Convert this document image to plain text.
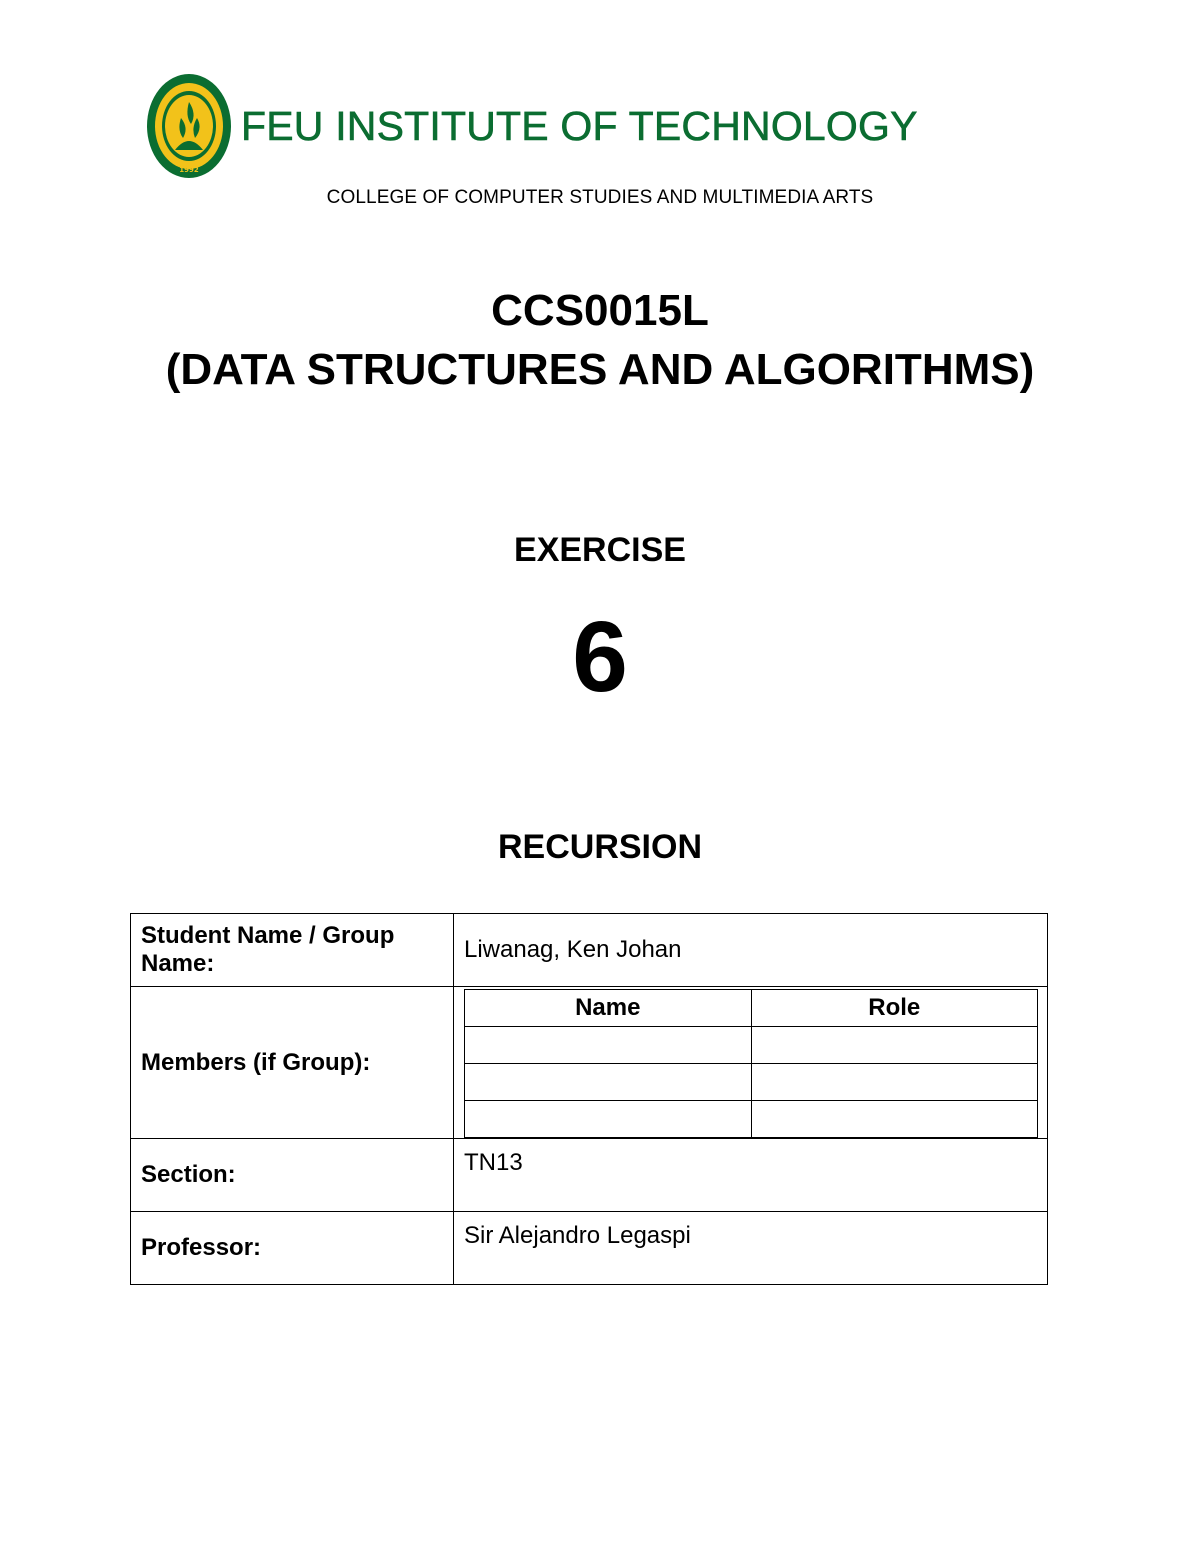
1992
FEU INSTITUTE OF TECHNOLOGY
COLLEGE OF COMPUTER STUDIES AND MULTIMEDIA ARTS
CCS0015L
(DATA STRUCTURES AND ALGORITHMS)
EXERCISE
6
RECURSION
Student Name / Group Name:	Liwanag, Ken Johan
Members (if Group):	
Name	Role

Section:	TN13
Professor:	Sir Alejandro Legaspi
